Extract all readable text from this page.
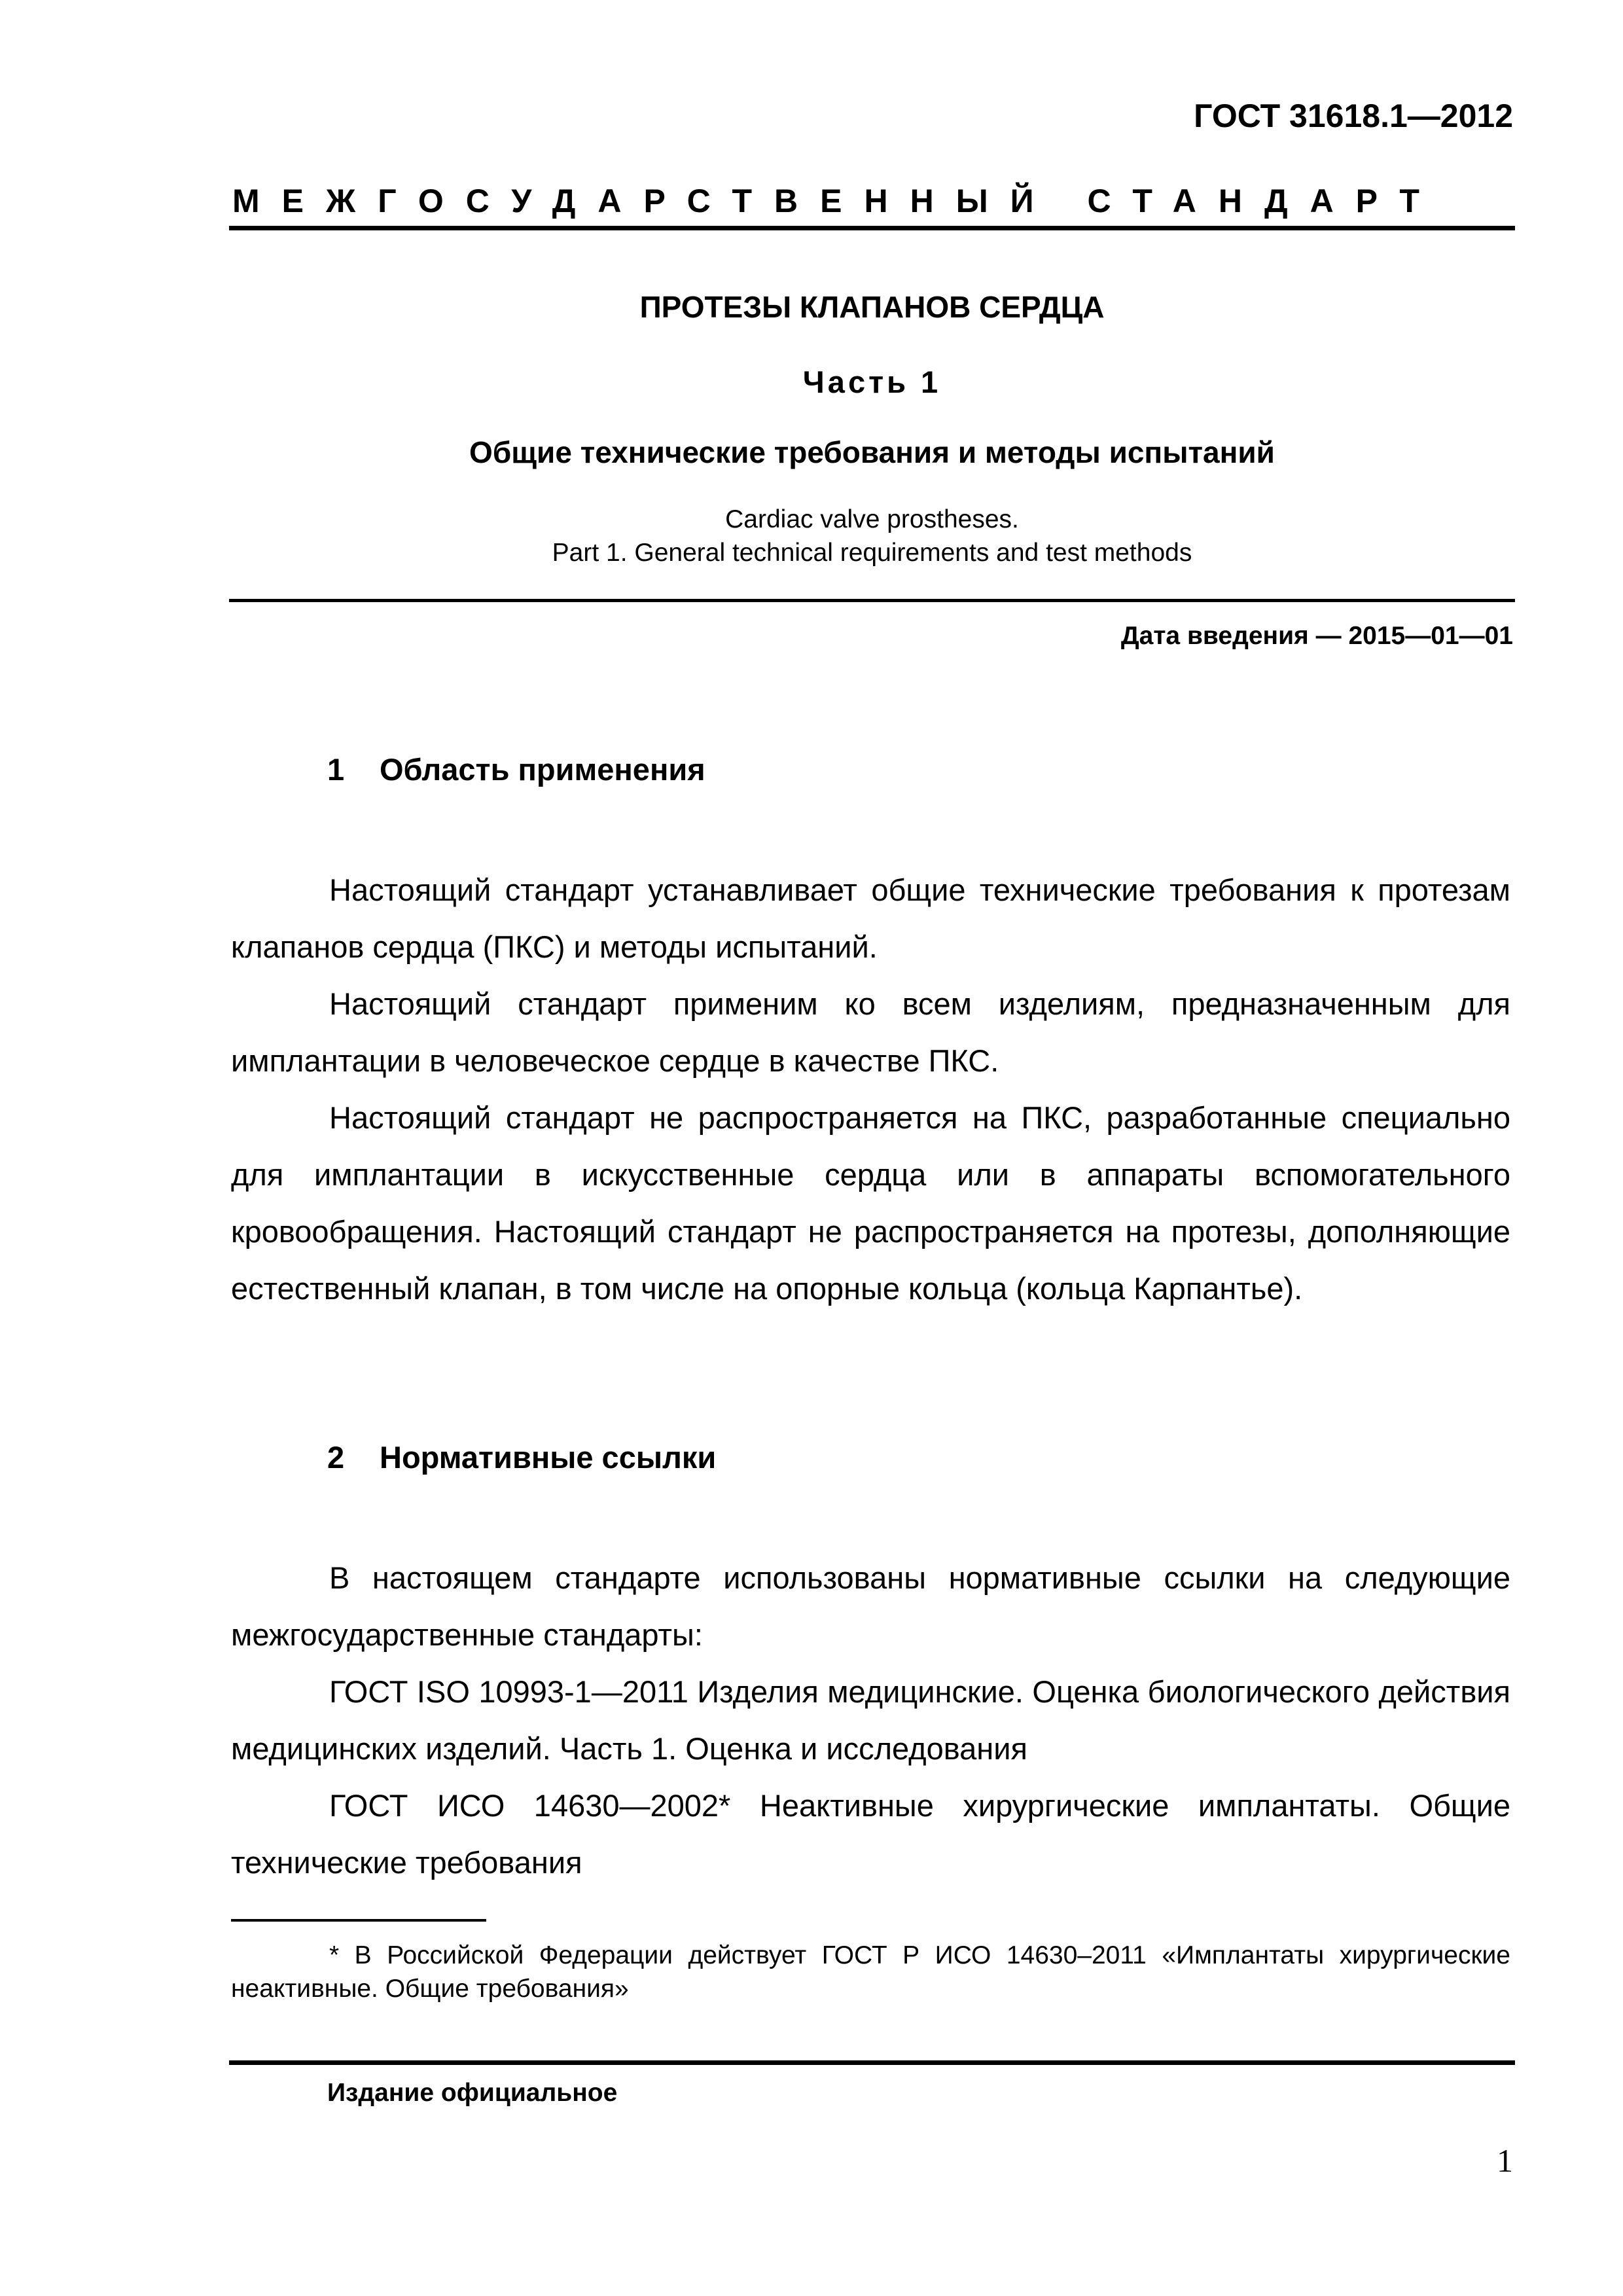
ГОСТ 31618.1—2012
МЕЖГОСУДАРСТВЕННЫЙ СТАНДАРТ
ПРОТЕЗЫ КЛАПАНОВ СЕРДЦА
Часть 1
Общие технические требования и методы испытаний
Cardiac valve prostheses.
Part 1. General technical requirements and test methods
Дата введения — 2015—01—01
1 Область применения

Настоящий стандарт устанавливает общие технические требования к протезам клапанов сердца (ПКС) и методы испытаний.

Настоящий стандарт применим ко всем изделиям, предназначенным для имплантации в человеческое сердце в качестве ПКС.

Настоящий стандарт не распространяется на ПКС, разработанные специально для имплантации в искусственные сердца или в аппараты вспомогательного кровообращения. Настоящий стандарт не распространяется на протезы, дополняющие естественный клапан, в том числе на опорные кольца (кольца Карпантье).

2 Нормативные ссылки

В настоящем стандарте использованы нормативные ссылки на следующие межгосударственные стандарты:

ГОСТ ISO 10993-1—2011 Изделия медицинские. Оценка биологического действия медицинских изделий. Часть 1. Оценка и исследования

ГОСТ ИСО 14630—2002* Неактивные хирургические имплантаты. Общие технические требования

* В Российской Федерации действует ГОСТ Р ИСО 14630–2011 «Имплантаты хирургические неактивные. Общие требования»

Издание официальное
1
